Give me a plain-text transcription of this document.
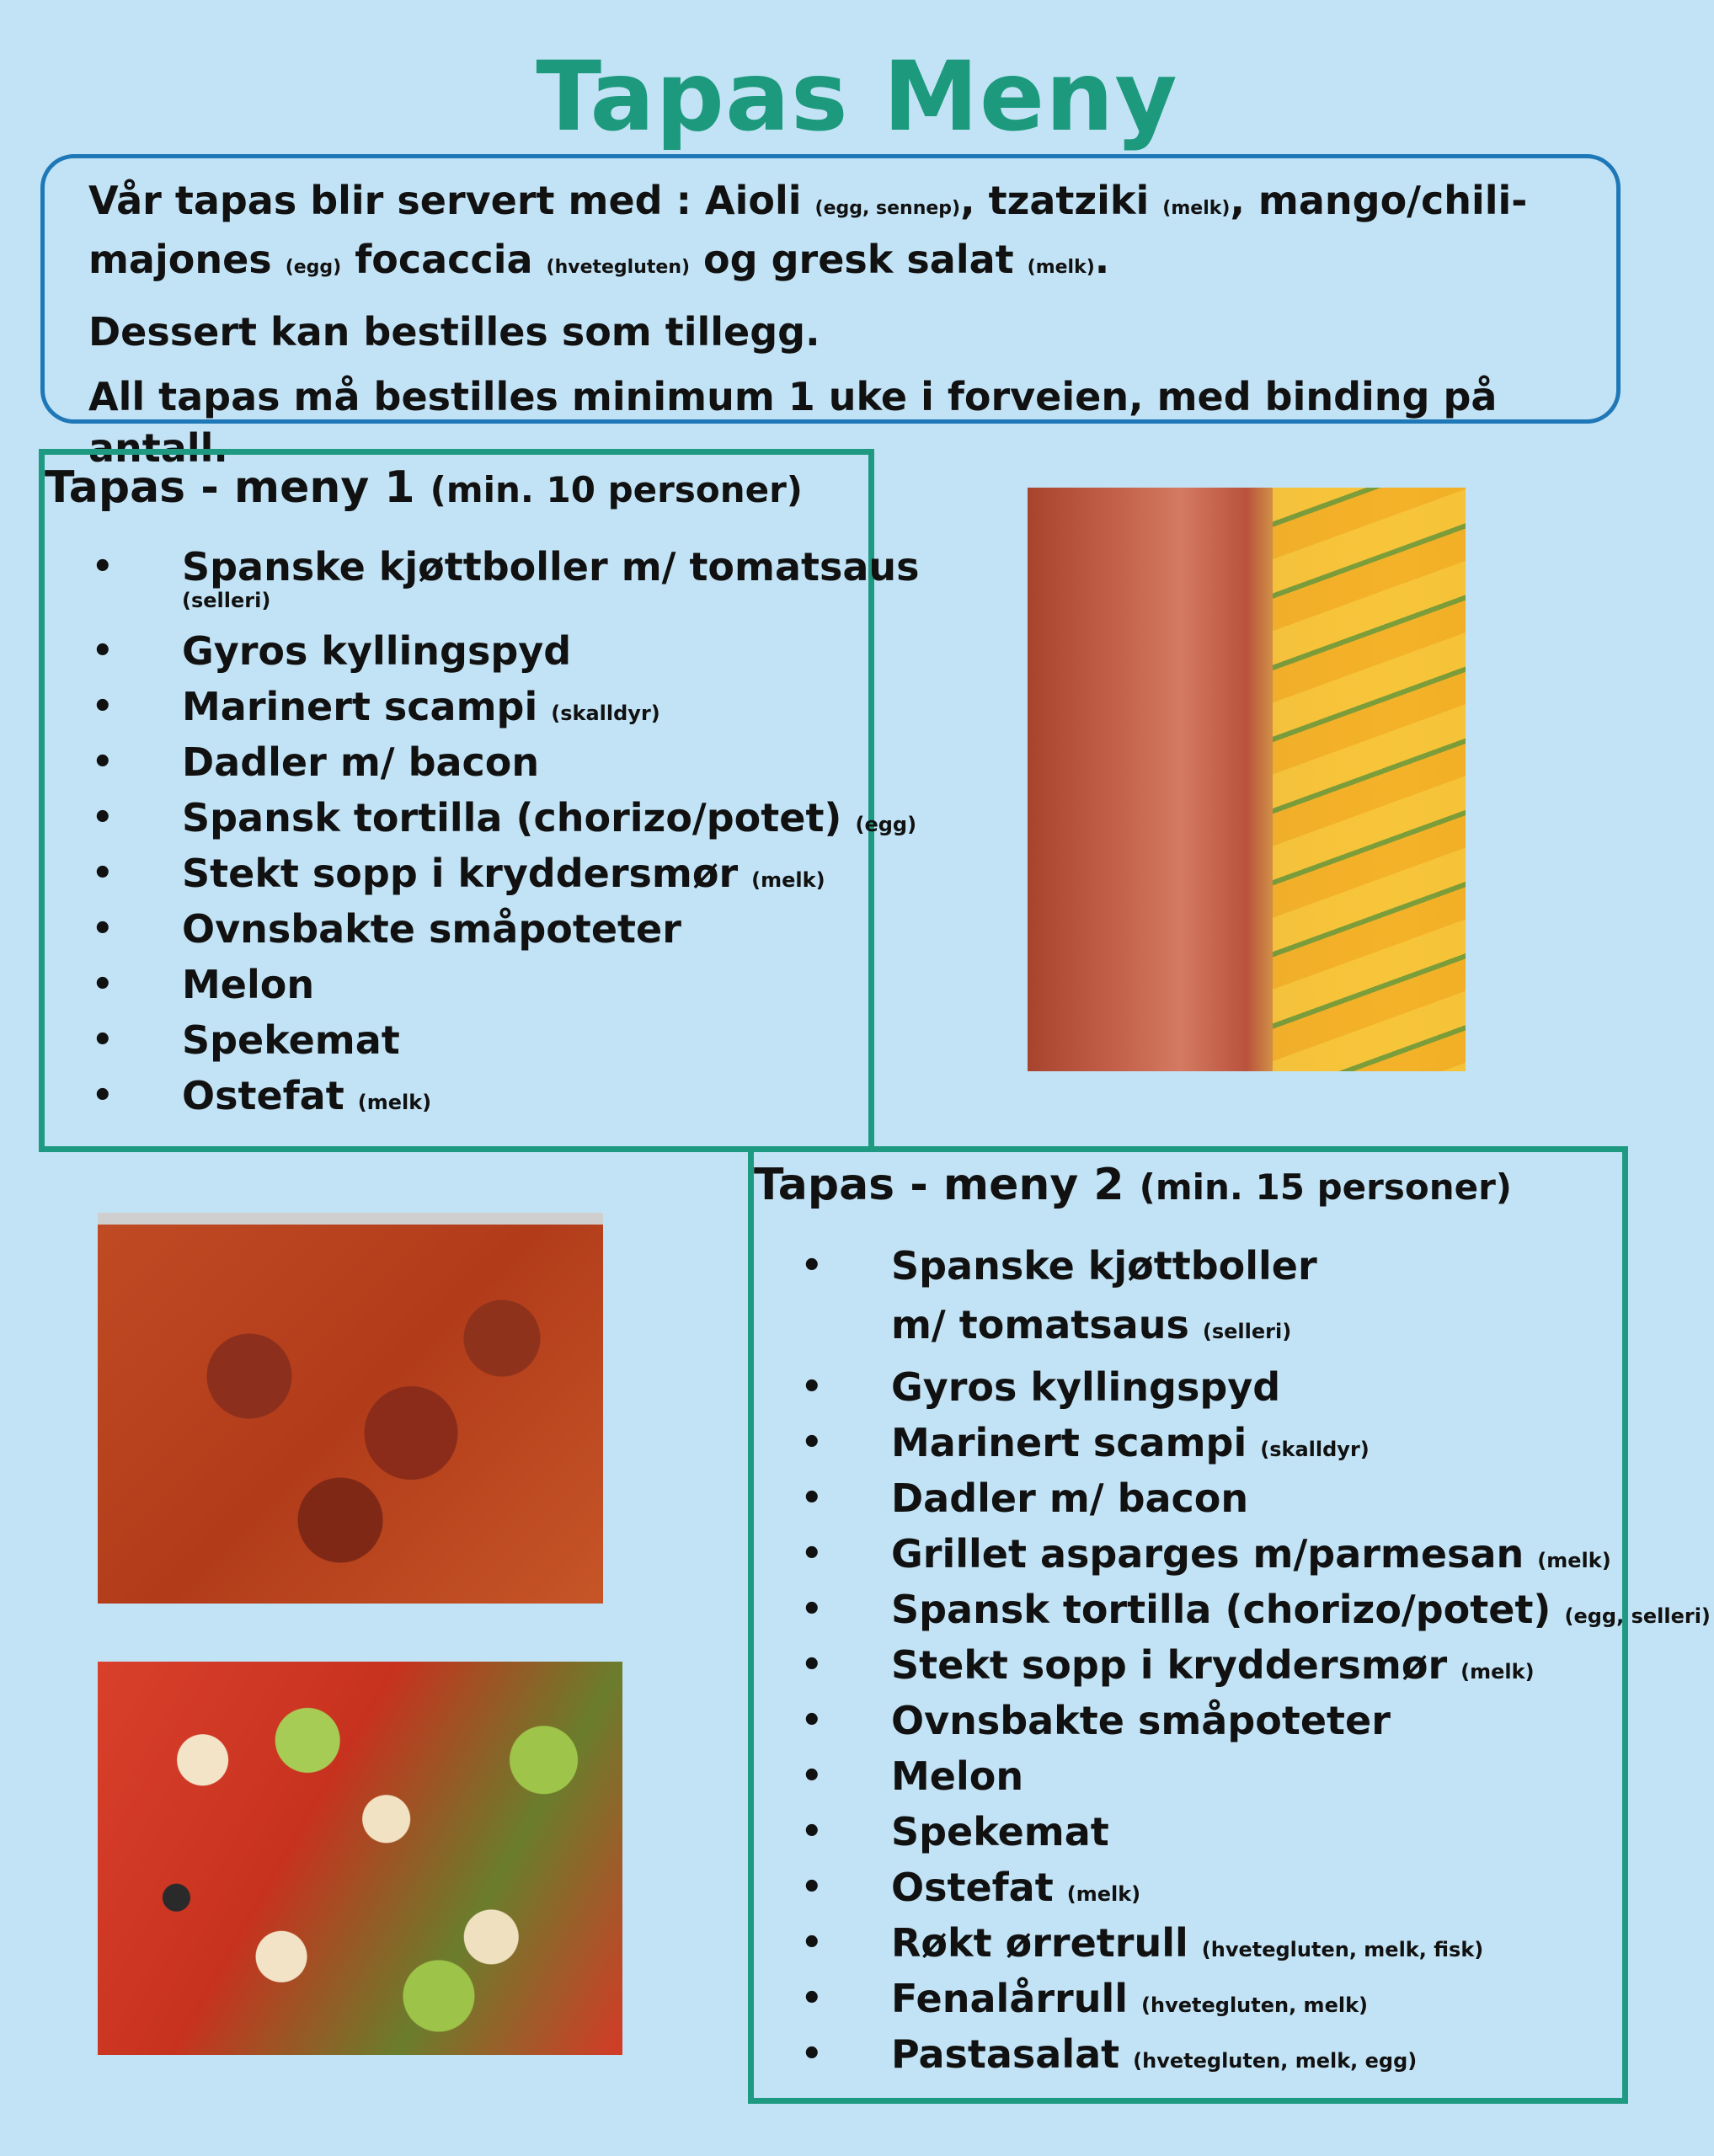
Tapas Meny

Vår tapas blir servert med : Aioli (egg, sennep), tzatziki (melk), mango/chili-
majones (egg) focaccia (hvetegluten) og gresk salat (melk).

Dessert kan bestilles som tillegg.

All tapas må bestilles minimum 1 uke i forveien, med binding på antall.

Tapas - meny 1 (min. 10 personer)
• Spanske kjøttboller m/ tomatsaus
(selleri)
• Gyros kyllingspyd
• Marinert scampi (skalldyr)
• Dadler m/ bacon
• Spansk tortilla (chorizo/potet) (egg)
• Stekt sopp i kryddersmør (melk)
• Ovnsbakte småpoteter
• Melon
• Spekemat
• Ostefat (melk)
Tapas - meny 2 (min. 15 personer)
• Spanske kjøttboller
m/ tomatsaus (selleri)
• Gyros kyllingspyd
• Marinert scampi (skalldyr)
• Dadler m/ bacon
• Grillet asparges m/parmesan (melk)
• Spansk tortilla (chorizo/potet) (egg, selleri)
• Stekt sopp i kryddersmør (melk)
• Ovnsbakte småpoteter
• Melon
• Spekemat
• Ostefat (melk)
• Røkt ørretrull (hvetegluten, melk, fisk)
• Fenalårrull (hvetegluten, melk)
• Pastasalat (hvetegluten, melk, egg)
